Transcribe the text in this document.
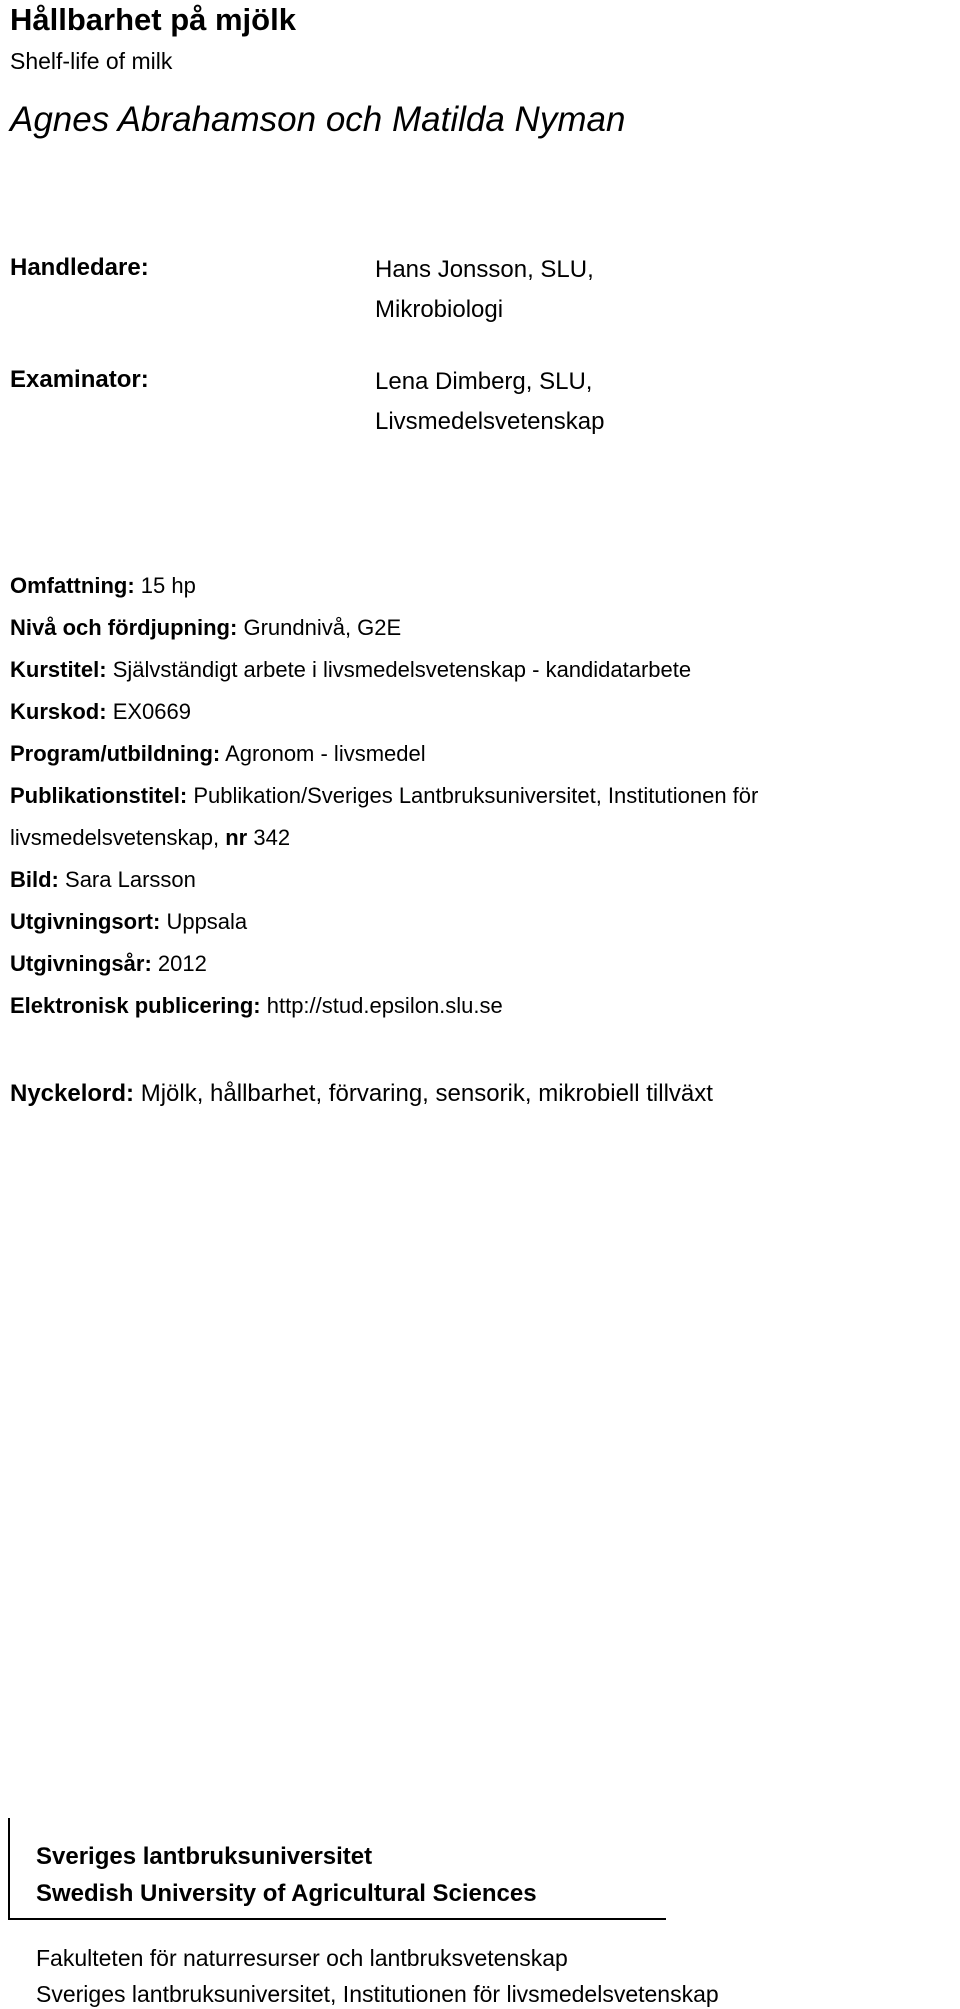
Hållbarhet på mjölk
Shelf-life of milk
Agnes Abrahamson och Matilda Nyman
Handledare:	Hans Jonsson, SLU,
Mikrobiologi
Examinator:	Lena Dimberg, SLU,
Livsmedelsvetenskap
Omfattning: 15 hp
Nivå och fördjupning: Grundnivå, G2E
Kurstitel: Självständigt arbete i livsmedelsvetenskap - kandidatarbete
Kurskod: EX0669
Program/utbildning: Agronom - livsmedel
Publikationstitel: Publikation/Sveriges Lantbruksuniversitet, Institutionen för
livsmedelsvetenskap, nr 342
Bild: Sara Larsson
Utgivningsort: Uppsala
Utgivningsår: 2012
Elektronisk publicering: http://stud.epsilon.slu.se
Nyckelord: Mjölk, hållbarhet, förvaring, sensorik, mikrobiell tillväxt
Sveriges lantbruksuniversitet
Swedish University of Agricultural Sciences
Fakulteten för naturresurser och lantbruksvetenskap
Sveriges lantbruksuniversitet, Institutionen för livsmedelsvetenskap
